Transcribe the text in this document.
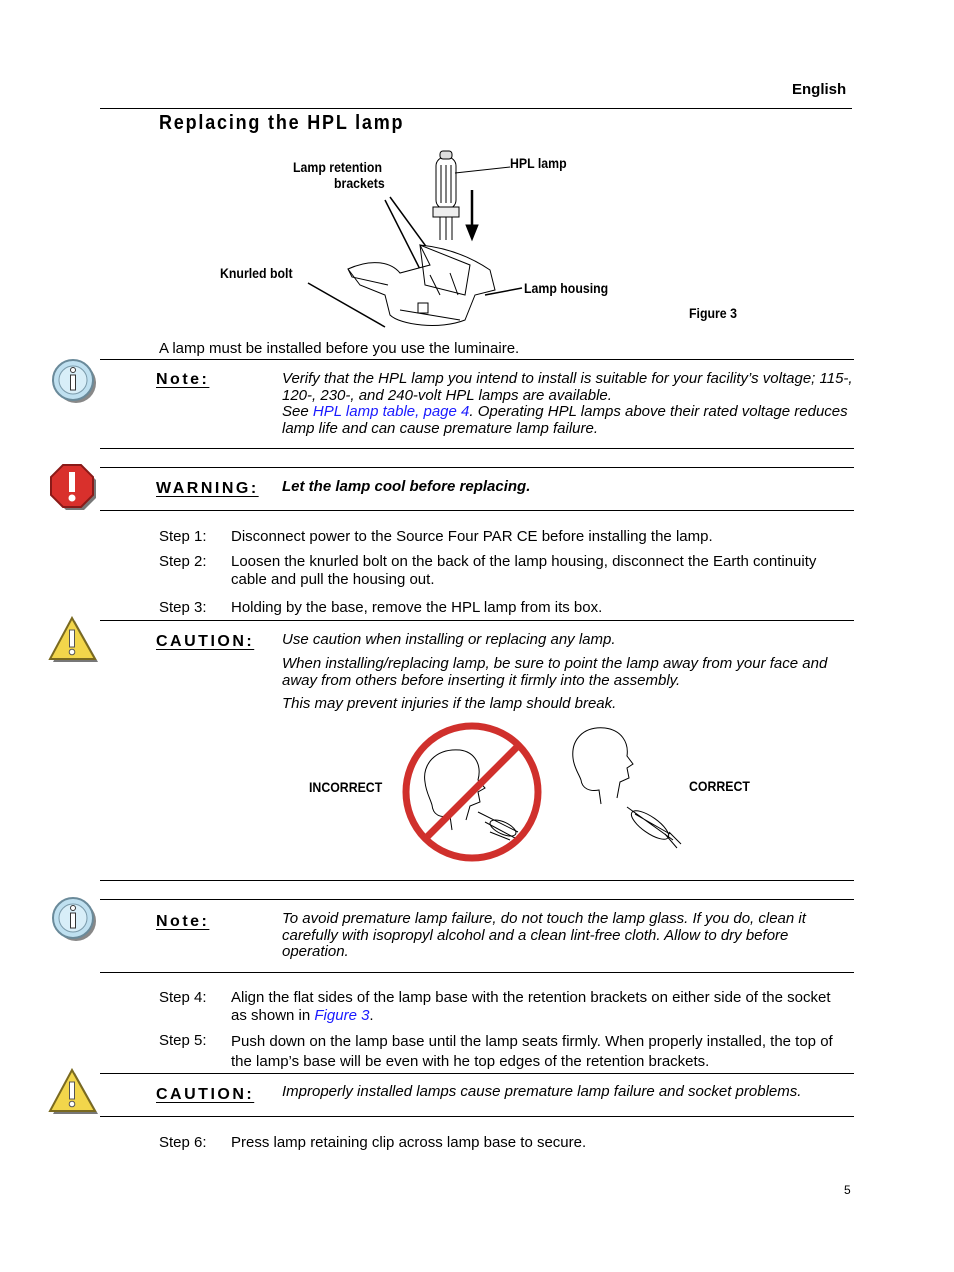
English
Replacing the HPL lamp
Lamp retention
brackets
HPL lamp
Knurled bolt
Lamp housing
Figure 3
A lamp must be installed before you use the luminaire.
Note:	Verify that the HPL lamp you intend to install is suitable for your facility’s voltage; 115-, 120-, 230-, and 240-volt HPL lamps are available.
See HPL lamp table, page 4. Operating HPL lamps above their rated voltage reduces lamp life and can cause premature lamp failure.
WARNING: Let the lamp cool before replacing.
Step 1: Disconnect power to the Source Four PAR CE before installing the lamp.
Step 2: Loosen the knurled bolt on the back of the lamp housing, disconnect the Earth continuity cable and pull the housing out.
Step 3: Holding by the base, remove the HPL lamp from its box.
CAUTION: Use caution when installing or replacing any lamp.
When installing/replacing lamp, be sure to point the lamp away from your face and away from others before inserting it firmly into the assembly.
This may prevent injuries if the lamp should break.
INCORRECT	CORRECT
Note:	To avoid premature lamp failure, do not touch the lamp glass. If you do, clean it carefully with isopropyl alcohol and a clean lint-free cloth. Allow to dry before operation.
Step 4: Align the flat sides of the lamp base with the retention brackets on either side of the socket as shown in Figure 3.
Step 5: Push down on the lamp base until the lamp seats firmly. When properly installed, the top of the lamp’s base will be even with he top edges of the retention brackets.
CAUTION: Improperly installed lamps cause premature lamp failure and socket problems.
Step 6: Press lamp retaining clip across lamp base to secure.
5
